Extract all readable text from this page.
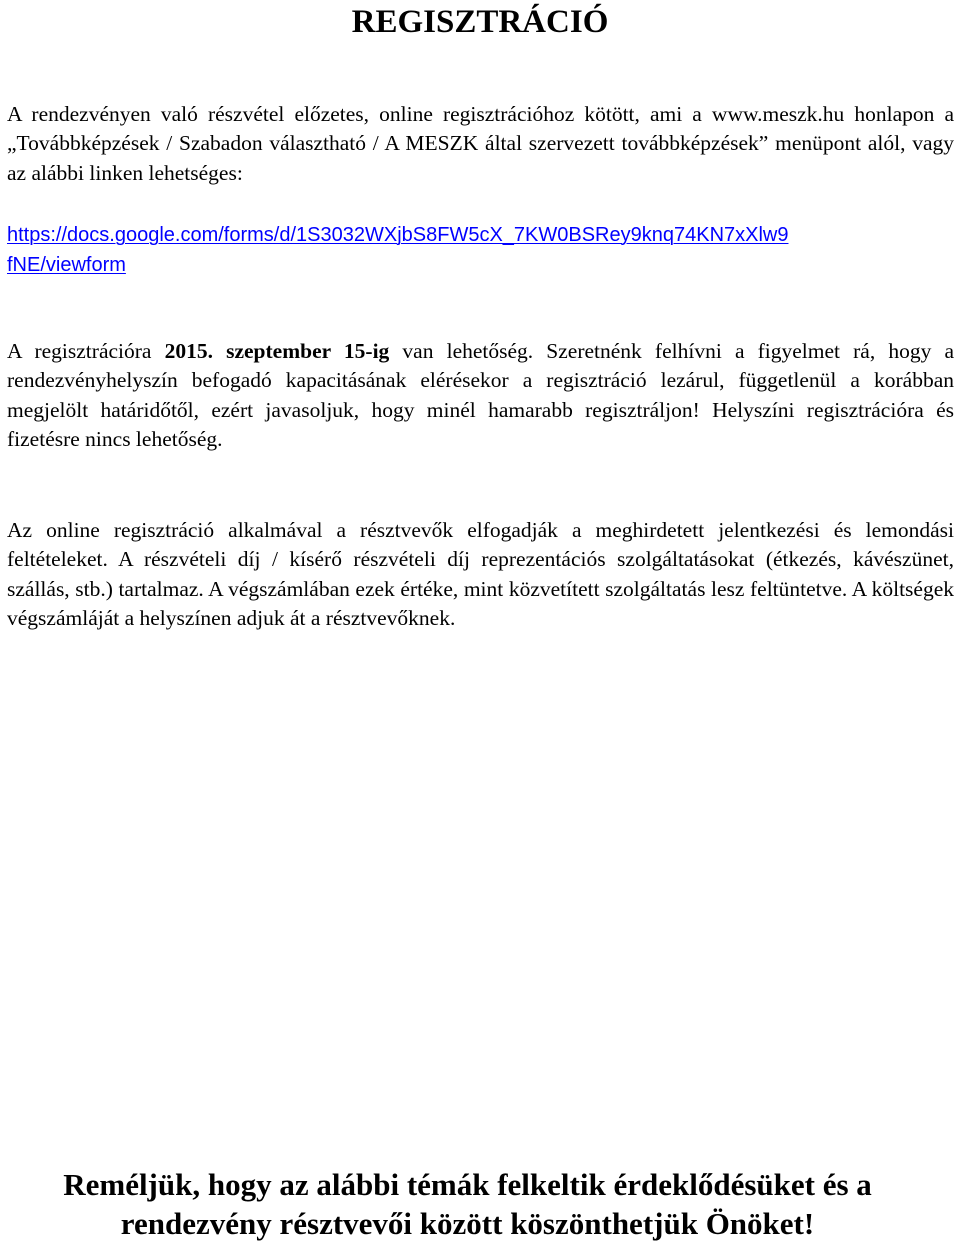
REGISZTRÁCIÓ

A rendezvényen való részvétel előzetes, online regisztrációhoz kötött, ami a www.meszk.hu honlapon a „Továbbképzések / Szabadon választható / A MESZK által szervezett továbbképzések” menüpont alól, vagy az alábbi linken lehetséges:

https://docs.google.com/forms/d/1S3032WXjbS8FW5cX_7KW0BSRey9knq74KN7xXlw9
fNE/viewform

A regisztrációra 2015. szeptember 15-ig van lehetőség. Szeretnénk felhívni a figyelmet rá, hogy a rendezvényhelyszín befogadó kapacitásának elérésekor a regisztráció lezárul, függetlenül a korábban megjelölt határidőtől, ezért javasoljuk, hogy minél hamarabb regisztráljon! Helyszíni regisztrációra és fizetésre nincs lehetőség.

Az online regisztráció alkalmával a résztvevők elfogadják a meghirdetett jelentkezési és lemondási feltételeket. A részvételi díj / kísérő részvételi díj reprezentációs szolgáltatásokat (étkezés, kávészünet, szállás, stb.) tartalmaz. A végszámlában ezek értéke, mint közvetített szolgáltatás lesz feltüntetve. A költségek végszámláját a helyszínen adjuk át a résztvevőknek.

Reméljük, hogy az alábbi témák felkeltik érdeklődésüket és a
rendezvény résztvevői között köszönthetjük Önöket!
